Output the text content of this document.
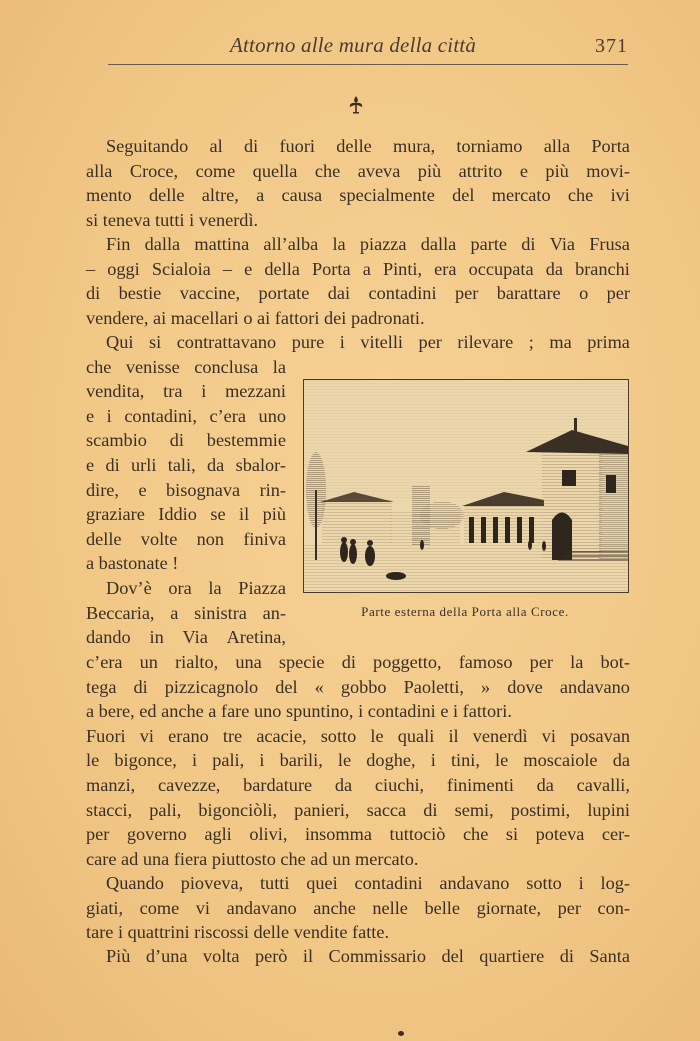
Attorno alle mura della città	371
Seguitando al di fuori delle mura, torniamo alla Porta
alla Croce, come quella che aveva più attrito e più movi-
mento delle altre, a causa specialmente del mercato che ivi
si teneva tutti i venerdì.
Fin dalla mattina all’alba la piazza dalla parte di Via Frusa
– oggi Scialoia – e della Porta a Pinti, era occupata da branchi
di bestie vaccine, portate dai contadini per barattare o per
vendere, ai macellari o ai fattori dei padronati.
Qui si contrattavano pure i vitelli per rilevare ; ma prima
che venisse conclusa la
vendita, tra i mezzani
e i contadini, c’era uno
scambio di bestemmie
e di urli tali, da sbalor-
dire, e bisognava rin-
graziare Iddio se il più
delle volte non finiva
a bastonate !
Dov’è ora la Piazza
Beccaria, a sinistra an-
dando in Via Aretina,
c’era un rialto, una specie di poggetto, famoso per la bot-
tega di pizzicagnolo del « gobbo Paoletti, » dove andavano
a bere, ed anche a fare uno spuntino, i contadini e i fattori.
Fuori vi erano tre acacie, sotto le quali il venerdì vi posavan
le bigonce, i pali, i barili, le doghe, i tini, le moscaiole da
manzi, cavezze, bardature da ciuchi, finimenti da cavalli,
stacci, pali, bigonciòli, panieri, sacca di semi, postimi, lupini
per governo agli olivi, insomma tuttociò che si poteva cer-
care ad una fiera piuttosto che ad un mercato.
Quando pioveva, tutti quei contadini andavano sotto i log-
giati, come vi andavano anche nelle belle giornate, per con-
tare i quattrini riscossi delle vendite fatte.
Più d’una volta però il Commissario del quartiere di Santa
Parte esterna della Porta alla Croce.
